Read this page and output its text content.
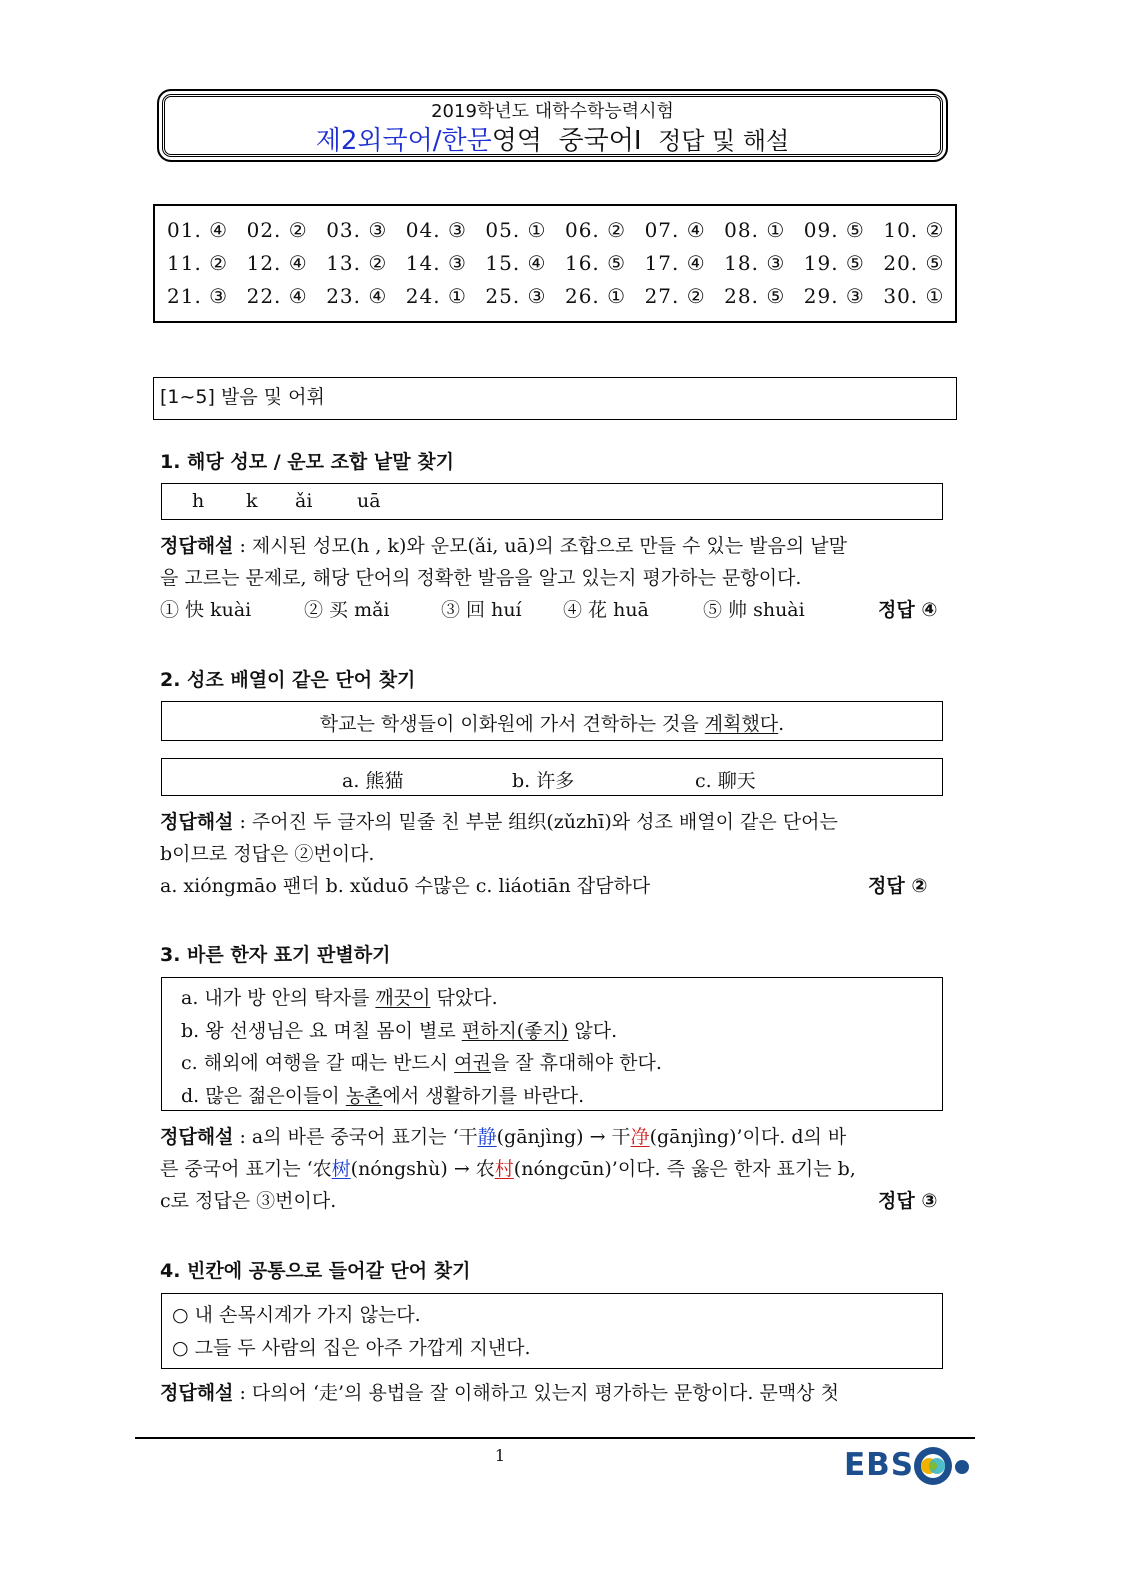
2019학년도 대학수학능력시험
제2외국어/한문영역 중국어Ⅰ 정답 및 해설
01. ④ 02. ② 03. ③ 04. ③ 05. ① 06. ② 07. ④ 08. ① 09. ⑤ 10. ②
11. ② 12. ④ 13. ② 14. ③ 15. ④ 16. ⑤ 17. ④ 18. ③ 19. ⑤ 20. ⑤
21. ③ 22. ④ 23. ④ 24. ① 25. ③ 26. ① 27. ② 28. ⑤ 29. ③ 30. ①
[1~5] 발음 및 어휘
1. 해당 성모 / 운모 조합 낱말 찾기
h k ǎi uā
정답해설 : 제시된 성모(h , k)와 운모(ǎi, uā)의 조합으로 만들 수 있는 발음의 낱말
을 고르는 문제로, 해당 단어의 정확한 발음을 알고 있는지 평가하는 문항이다.
① 快 kuài	② 买 mǎi	③ 回 huí ④ 花 huā	⑤ 帅 shuài	정답 ④
2. 성조 배열이 같은 단어 찾기
학교는 학생들이 이화원에 가서 견학하는 것을 계획했다.
a. 熊猫	b. 许多	c. 聊天
정답해설 : 주어진 두 글자의 밑줄 친 부분 组织(zǔzhī)와 성조 배열이 같은 단어는
b이므로 정답은 ②번이다.
a. xióngmāo 팬더 b. xǔduō 수많은 c. liáotiān 잡담하다	정답 ②
3. 바른 한자 표기 판별하기
a. 내가 방 안의 탁자를 깨끗이 닦았다.
b. 왕 선생님은 요 며칠 몸이 별로 편하지(좋지) 않다.
c. 해외에 여행을 갈 때는 반드시 여권을 잘 휴대해야 한다.
d. 많은 젊은이들이 농촌에서 생활하기를 바란다.
정답해설 : a의 바른 중국어 표기는 ‘干静(gānjìng) → 干净(gānjìng)’이다. d의 바
른 중국어 표기는 ‘农树(nóngshù) → 农村(nóngcūn)’이다. 즉 옳은 한자 표기는 b,
c로 정답은 ③번이다.	정답 ③
4. 빈칸에 공통으로 들어갈 단어 찾기
○ 내 손목시계가 가지 않는다.
○ 그들 두 사람의 집은 아주 가깝게 지낸다.
정답해설 : 다의어 ‘走’의 용법을 잘 이해하고 있는지 평가하는 문항이다. 문맥상 첫
1	EBS
